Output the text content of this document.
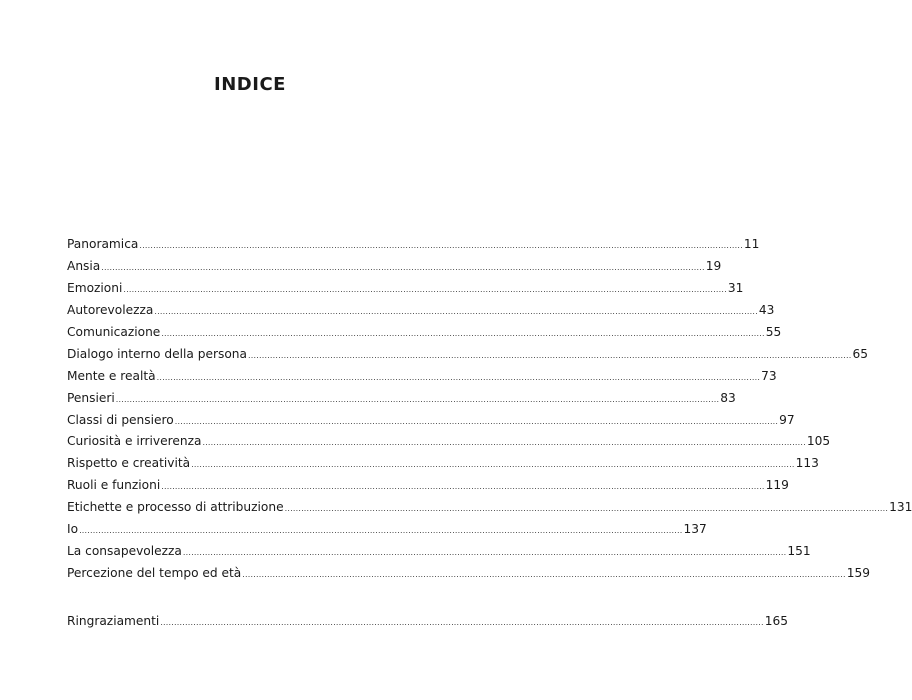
INDICE
Panoramica ............................................................................................................................................................................................................................ 11
Ansia ............................................................................................................................................................................................................................ 19
Emozioni ............................................................................................................................................................................................................................ 31
Autorevolezza ............................................................................................................................................................................................................................ 43
Comunicazione ............................................................................................................................................................................................................................ 55
Dialogo interno della persona ............................................................................................................................................................................................................................ 65
Mente e realtà ............................................................................................................................................................................................................................ 73
Pensieri ............................................................................................................................................................................................................................ 83
Classi di pensiero ............................................................................................................................................................................................................................ 97
Curiosità e irriverenza ............................................................................................................................................................................................................................ 105
Rispetto e creatività ............................................................................................................................................................................................................................ 113
Ruoli e funzioni ............................................................................................................................................................................................................................ 119
Etichette e processo di attribuzione ............................................................................................................................................................................................................................ 131
Io ............................................................................................................................................................................................................................ 137
La consapevolezza ............................................................................................................................................................................................................................ 151
Percezione del tempo ed età ............................................................................................................................................................................................................................ 159
Ringraziamenti ............................................................................................................................................................................................................................ 165
